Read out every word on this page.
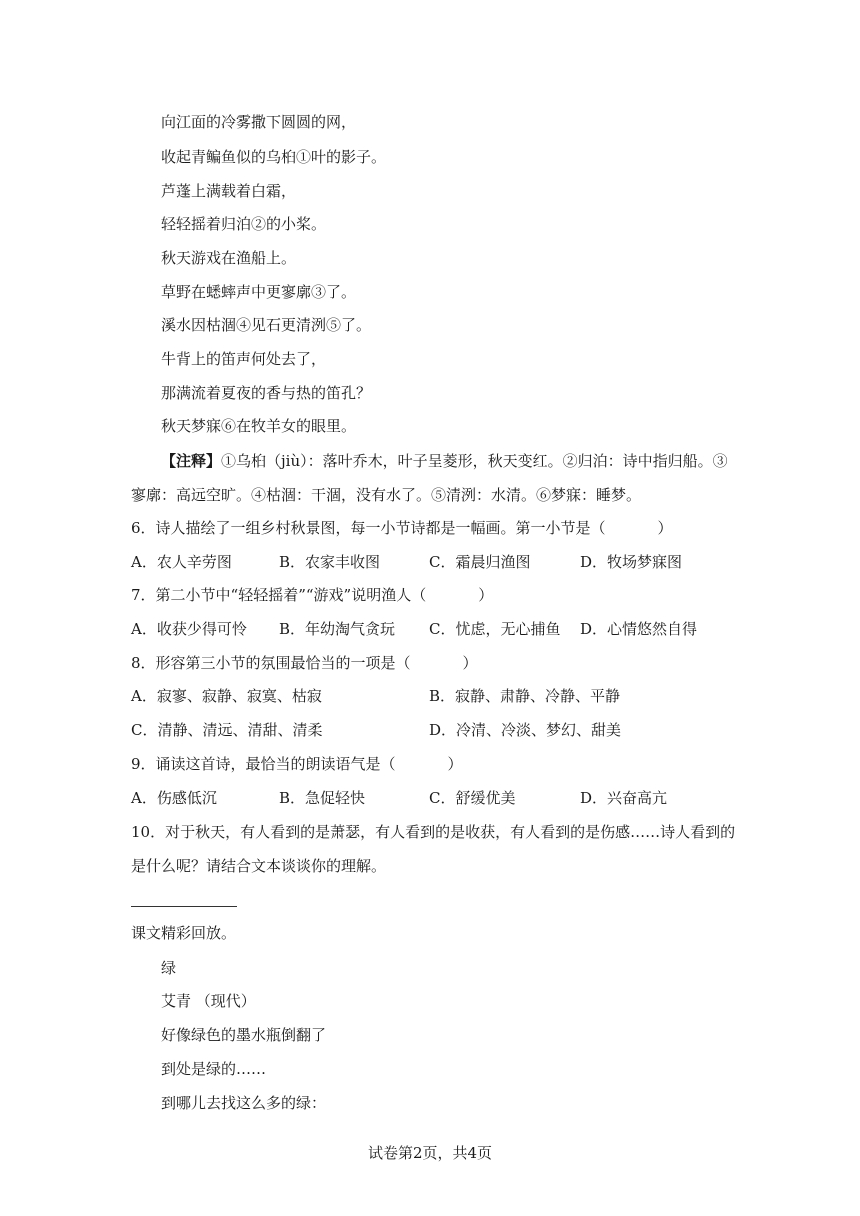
向江面的冷雾撒下圆圆的网，
收起青鳊鱼似的乌桕①叶的影子。
芦蓬上满载着白霜，
轻轻摇着归泊②的小桨。
秋天游戏在渔船上。
草野在蟋蟀声中更寥廓③了。
溪水因枯涸④见石更清洌⑤了。
牛背上的笛声何处去了，
那满流着夏夜的香与热的笛孔？
秋天梦寐⑥在牧羊女的眼里。
【注释】①乌桕（jiù）：落叶乔木，叶子呈菱形，秋天变红。②归泊：诗中指归船。③
寥廓：高远空旷。④枯涸：干涸，没有水了。⑤清洌：水清。⑥梦寐：睡梦。
6．诗人描绘了一组乡村秋景图，每一小节诗都是一幅画。第一小节是（	）
A．农人辛劳图	B．农家丰收图	C．霜晨归渔图	D．牧场梦寐图
7．第二小节中“轻轻摇着”“游戏”说明渔人（	）
A．收获少得可怜 B．年幼淘气贪玩 C．忧虑，无心捕鱼 D．心情悠然自得
8．形容第三小节的氛围最恰当的一项是（	）
A．寂寥、寂静、寂寞、枯寂	B．寂静、肃静、冷静、平静
C．清静、清远、清甜、清柔	D．冷清、冷淡、梦幻、甜美
9．诵读这首诗，最恰当的朗读语气是（	）
A．伤感低沉	B．急促轻快	C．舒缓优美	D．兴奋高亢
10．对于秋天，有人看到的是萧瑟，有人看到的是收获，有人看到的是伤感……诗人看到的
是什么呢？请结合文本谈谈你的理解。
课文精彩回放。
绿
艾青 （现代）
好像绿色的墨水瓶倒翻了
到处是绿的……
到哪儿去找这么多的绿：
试卷第2页，共4页
